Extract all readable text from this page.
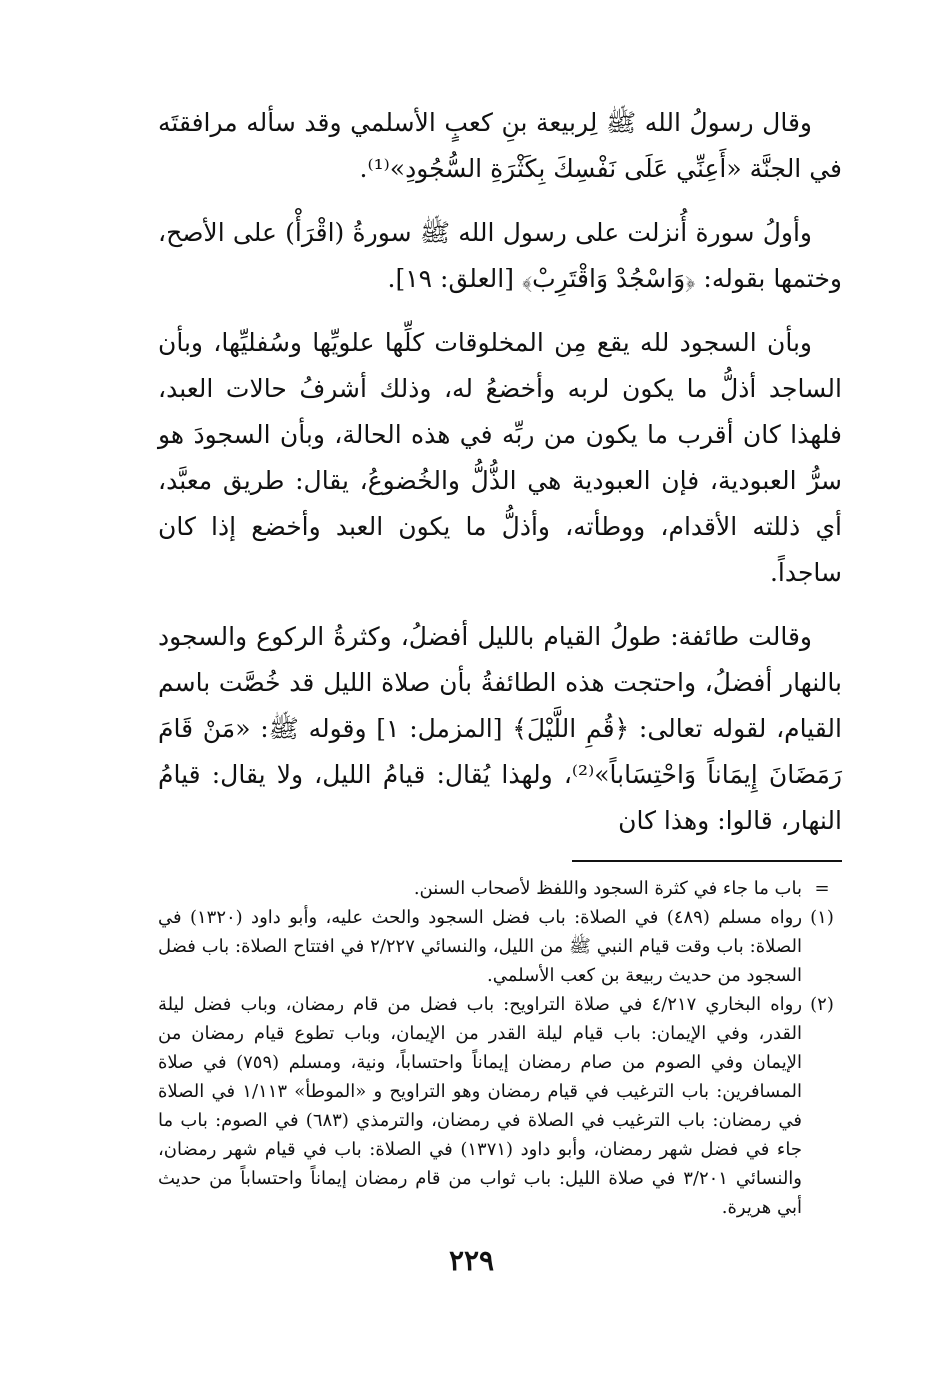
وقال رسولُ الله ﷺ لِربيعة بنِ كعبٍ الأسلمي وقد سأله مرافقتَه في الجنَّة «أَعِنِّي عَلَى نَفْسِكَ بِكَثْرَةِ السُّجُودِ»⁽¹⁾.

وأولُ سورة أُنزلت على رسول الله ﷺ سورةُ (اقْرَأْ) على الأصح، وختمها بقوله: ﴿وَاسْجُدْ وَاقْتَرِبْ﴾ [العلق: ١٩].

وبأن السجود لله يقع مِن المخلوقات كلِّها علويِّها وسُفليِّها، وبأن الساجد أذلُّ ما يكون لربه وأخضعُ له، وذلك أشرفُ حالات العبد، فلهذا كان أقرب ما يكون من ربِّه في هذه الحالة، وبأن السجودَ هو سرُّ العبودية، فإن العبودية هي الذُّلُّ والخُضوعُ، يقال: طريق معبَّد، أي ذللته الأقدام، ووطأته، وأذلُّ ما يكون العبد وأخضع إذا كان ساجداً.

وقالت طائفة: طولُ القيام بالليل أفضلُ، وكثرةُ الركوع والسجود بالنهار أفضلُ، واحتجت هذه الطائفةُ بأن صلاة الليل قد خُصَّت باسم القيام، لقوله تعالى: ﴿قُمِ اللَّيْلَ﴾ [المزمل: ١] وقوله ﷺ: «مَنْ قَامَ رَمَضَانَ إِيمَاناً وَاحْتِسَاباً»⁽²⁾، ولهذا يُقال: قيامُ الليل، ولا يقال: قيامُ النهار، قالوا: وهذا كان

=
باب ما جاء في كثرة السجود واللفظ لأصحاب السنن.
(١)
رواه مسلم (٤٨٩) في الصلاة: باب فضل السجود والحث عليه، وأبو داود (١٣٢٠) في الصلاة: باب وقت قيام النبي ﷺ من الليل، والنسائي ٢/٢٢٧ في افتتاح الصلاة: باب فضل السجود من حديث ربيعة بن كعب الأسلمي.
(٢)
رواه البخاري ٤/٢١٧ في صلاة التراويح: باب فضل من قام رمضان، وباب فضل ليلة القدر، وفي الإيمان: باب قيام ليلة القدر من الإيمان، وباب تطوع قيام رمضان من الإيمان وفي الصوم من صام رمضان إيماناً واحتساباً، ونية، ومسلم (٧٥٩) في صلاة المسافرين: باب الترغيب في قيام رمضان وهو التراويح و «الموطأ» ١/١١٣ في الصلاة في رمضان: باب الترغيب في الصلاة في رمضان، والترمذي (٦٨٣) في الصوم: باب ما جاء في فضل شهر رمضان، وأبو داود (١٣٧١) في الصلاة: باب في قيام شهر رمضان، والنسائي ٣/٢٠١ في صلاة الليل: باب ثواب من قام رمضان إيماناً واحتساباً من حديث أبي هريرة.
٢٢٩
